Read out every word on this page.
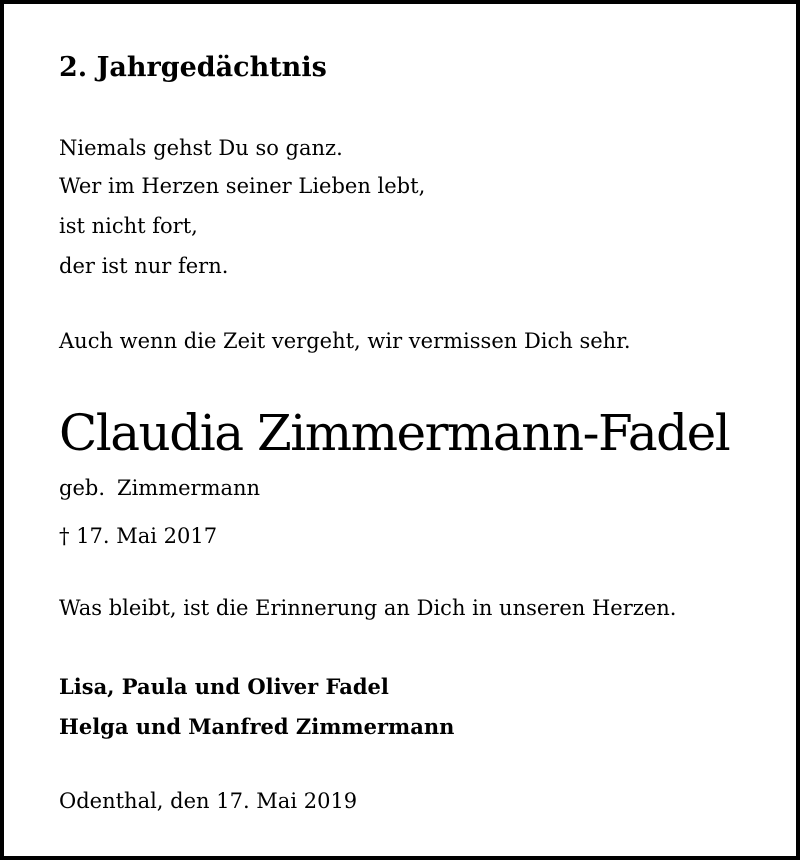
2. Jahrgedächtnis

Niemals gehst Du so ganz.

Wer im Herzen seiner Lieben lebt,

ist nicht fort,

der ist nur fern.

Auch wenn die Zeit vergeht, wir vermissen Dich sehr.

Claudia Zimmermann-Fadel

geb. Zimmermann

† 17. Mai 2017

Was bleibt, ist die Erinnerung an Dich in unseren Herzen.

Lisa, Paula und Oliver Fadel

Helga und Manfred Zimmermann

Odenthal, den 17. Mai 2019
